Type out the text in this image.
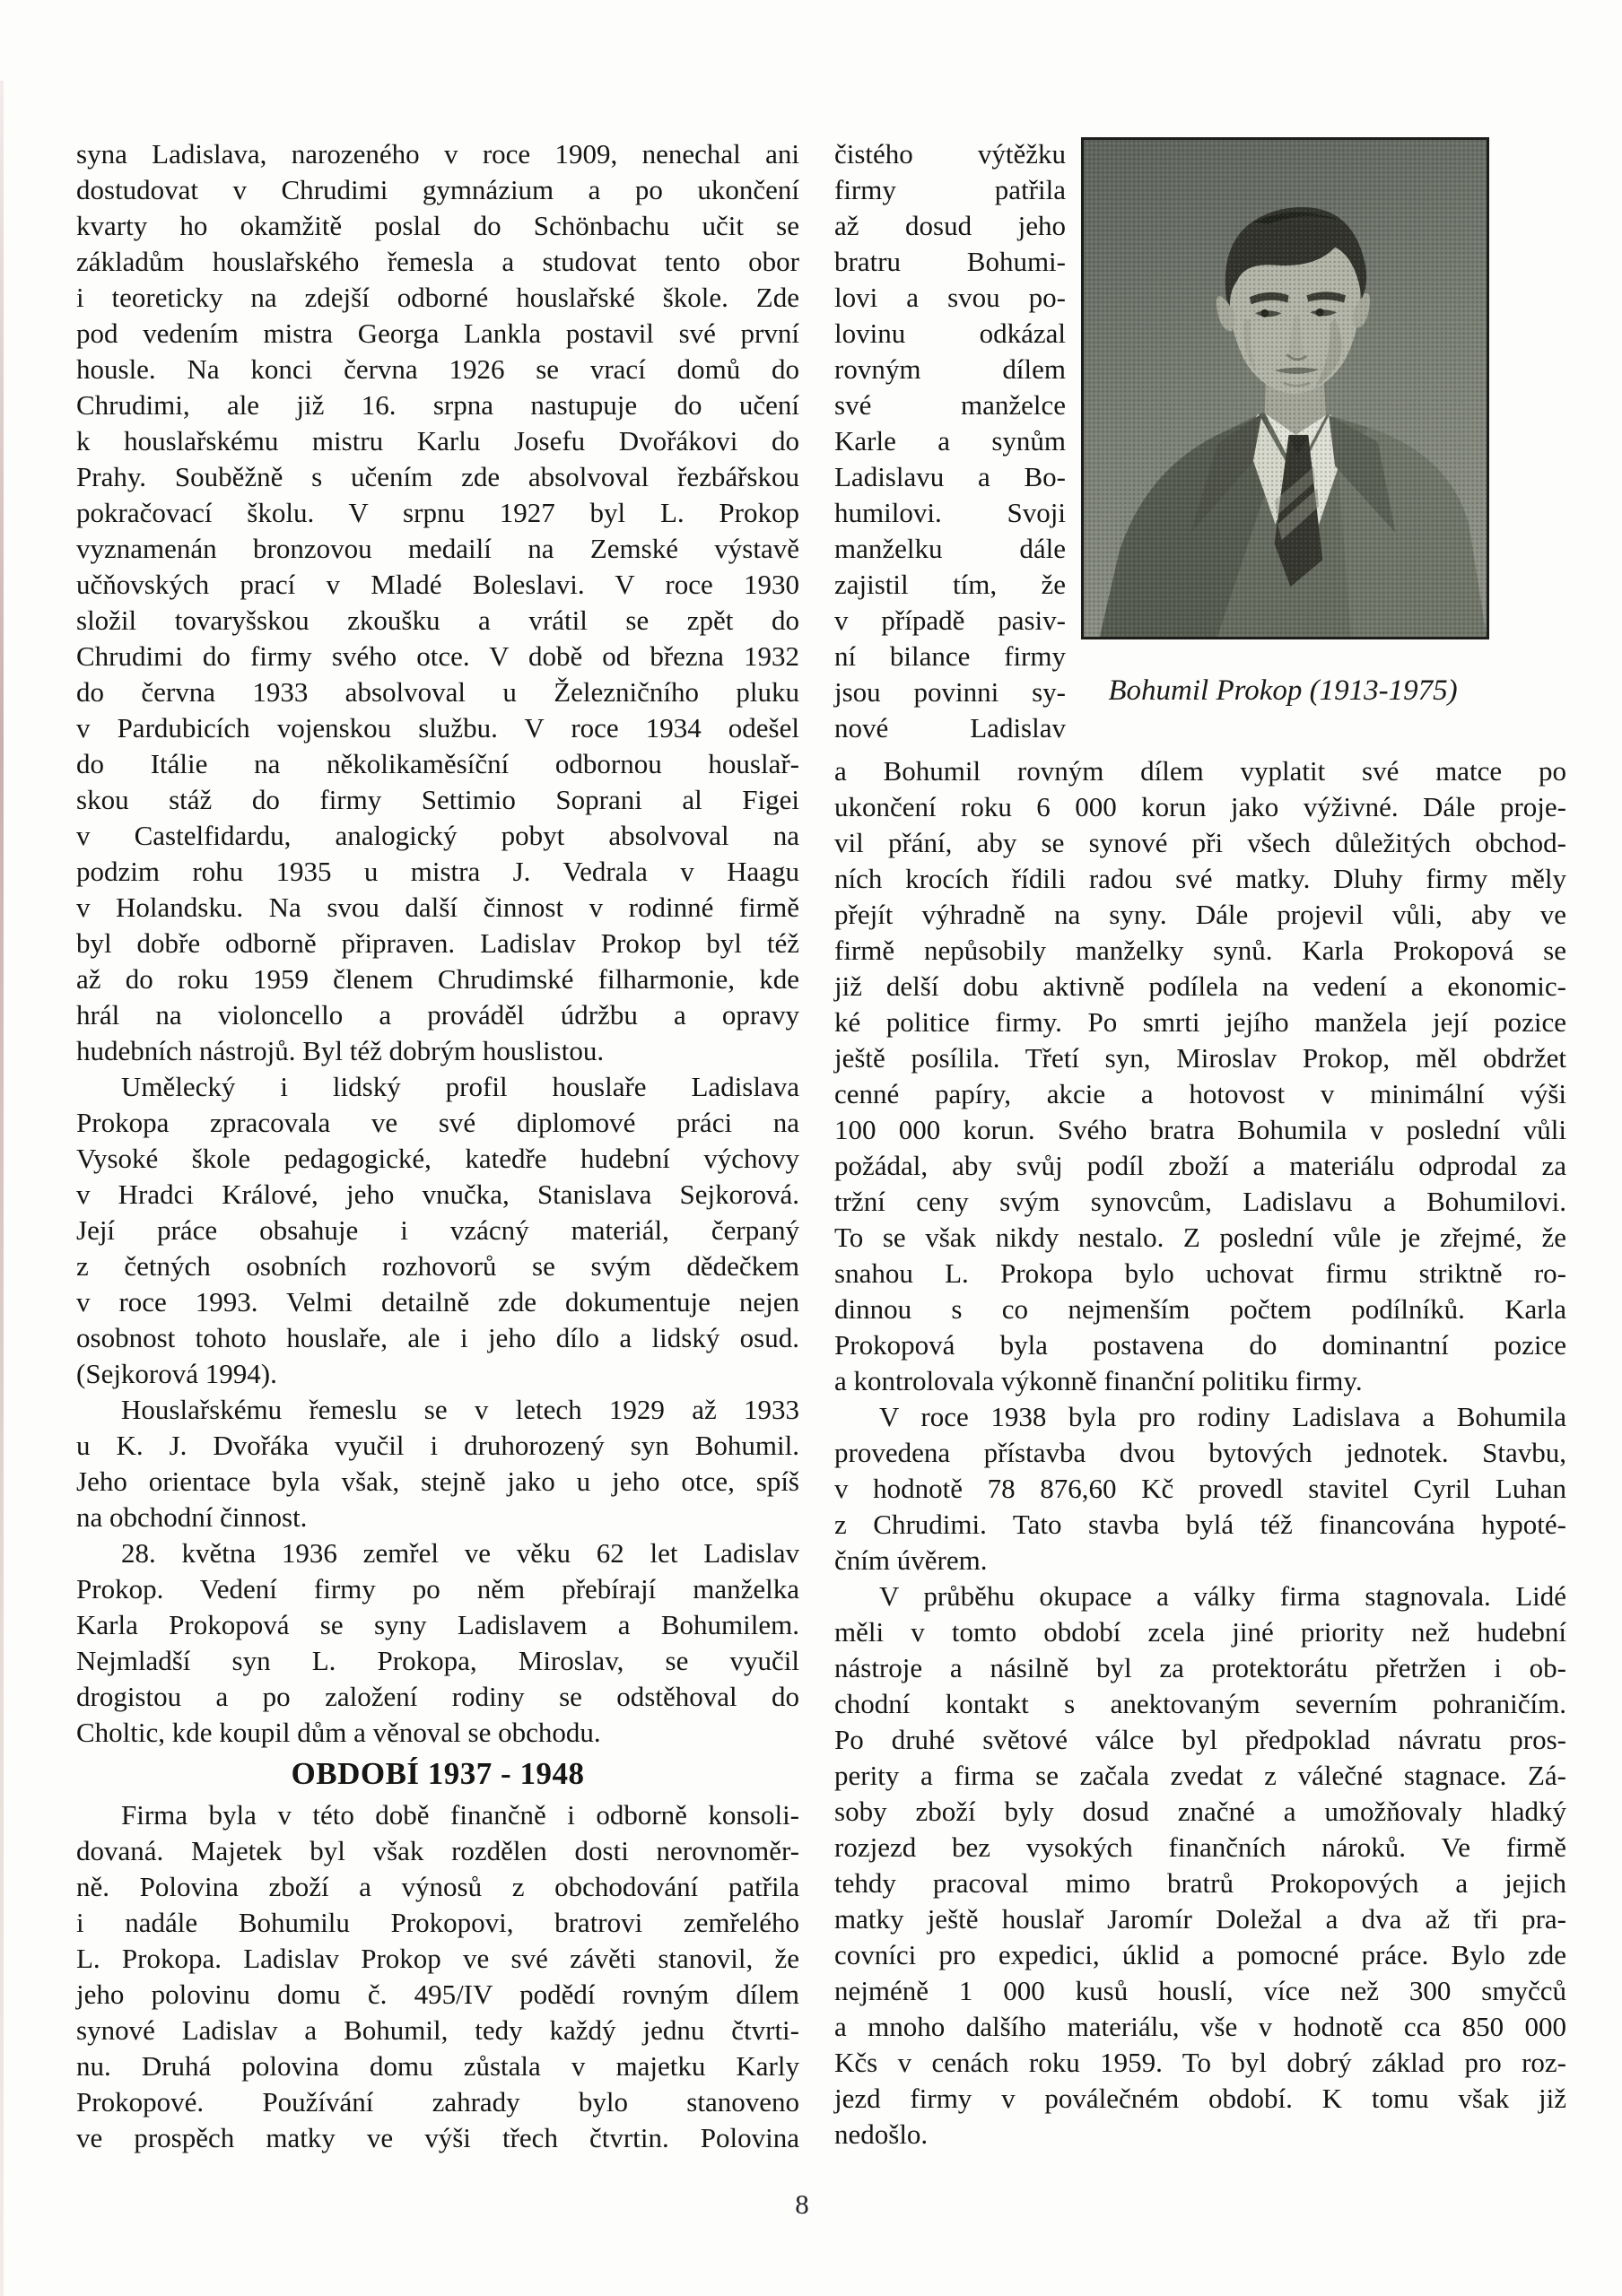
syna Ladislava, narozeného v roce 1909, nenechal ani
dostudovat v Chrudimi gymnázium a po ukončení
kvarty ho okamžitě poslal do Schönbachu učit se
základům houslařského řemesla a studovat tento obor
i teoreticky na zdejší odborné houslařské škole. Zde
pod vedením mistra Georga Lankla postavil své první
housle. Na konci června 1926 se vrací domů do
Chrudimi, ale již 16. srpna nastupuje do učení
k houslařskému mistru Karlu Josefu Dvořákovi do
Prahy. Souběžně s učením zde absolvoval řezbářskou
pokračovací školu. V srpnu 1927 byl L. Prokop
vyznamenán bronzovou medailí na Zemské výstavě
učňovských prací v Mladé Boleslavi. V roce 1930
složil tovaryšskou zkoušku a vrátil se zpět do
Chrudimi do firmy svého otce. V době od března 1932
do června 1933 absolvoval u Železničního pluku
v Pardubicích vojenskou službu. V roce 1934 odešel
do Itálie na několikaměsíční odbornou houslař-
skou stáž do firmy Settimio Soprani al Figei
v Castelfidardu, analogický pobyt absolvoval na
podzim rohu 1935 u mistra J. Vedrala v Haagu
v Holandsku. Na svou další činnost v rodinné firmě
byl dobře odborně připraven. Ladislav Prokop byl též
až do roku 1959 členem Chrudimské filharmonie, kde
hrál na violoncello a prováděl údržbu a opravy
hudebních nástrojů. Byl též dobrým houslistou.
Umělecký i lidský profil houslaře Ladislava
Prokopa zpracovala ve své diplomové práci na
Vysoké škole pedagogické, katedře hudební výchovy
v Hradci Králové, jeho vnučka, Stanislava Sejkorová.
Její práce obsahuje i vzácný materiál, čerpaný
z četných osobních rozhovorů se svým dědečkem
v roce 1993. Velmi detailně zde dokumentuje nejen
osobnost tohoto houslaře, ale i jeho dílo a lidský osud.
(Sejkorová 1994).
Houslařskému řemeslu se v letech 1929 až 1933
u K. J. Dvořáka vyučil i druhorozený syn Bohumil.
Jeho orientace byla však, stejně jako u jeho otce, spíš
na obchodní činnost.
28. května 1936 zemřel ve věku 62 let Ladislav
Prokop. Vedení firmy po něm přebírají manželka
Karla Prokopová se syny Ladislavem a Bohumilem.
Nejmladší syn L. Prokopa, Miroslav, se vyučil
drogistou a po založení rodiny se odstěhoval do
Choltic, kde koupil dům a věnoval se obchodu.
OBDOBÍ 1937 - 1948
Firma byla v této době finančně i odborně konsoli-
dovaná. Majetek byl však rozdělen dosti nerovnoměr-
ně. Polovina zboží a výnosů z obchodování patřila
i nadále Bohumilu Prokopovi, bratrovi zemřelého
L. Prokopa. Ladislav Prokop ve své závěti stanovil, že
jeho polovinu domu č. 495/IV podědí rovným dílem
synové Ladislav a Bohumil, tedy každý jednu čtvrti-
nu. Druhá polovina domu zůstala v majetku Karly
Prokopové. Používání zahrady bylo stanoveno
ve prospěch matky ve výši třech čtvrtin. Polovina
čistého výtěžku
firmy patřila
až dosud jeho
bratru Bohumi-
lovi a svou po-
lovinu odkázal
rovným dílem
své manželce
Karle a synům
Ladislavu a Bo-
humilovi. Svoji
manželku dále
zajistil tím, že
v případě pasiv-
ní bilance firmy
jsou povinni sy-
nové Ladislav
Bohumil Prokop (1913-1975)
a Bohumil rovným dílem vyplatit své matce po
ukončení roku 6 000 korun jako výživné. Dále proje-
vil přání, aby se synové při všech důležitých obchod-
ních krocích řídili radou své matky. Dluhy firmy měly
přejít výhradně na syny. Dále projevil vůli, aby ve
firmě nepůsobily manželky synů. Karla Prokopová se
již delší dobu aktivně podílela na vedení a ekonomic-
ké politice firmy. Po smrti jejího manžela její pozice
ještě posílila. Třetí syn, Miroslav Prokop, měl obdržet
cenné papíry, akcie a hotovost v minimální výši
100 000 korun. Svého bratra Bohumila v poslední vůli
požádal, aby svůj podíl zboží a materiálu odprodal za
tržní ceny svým synovcům, Ladislavu a Bohumilovi.
To se však nikdy nestalo. Z poslední vůle je zřejmé, že
snahou L. Prokopa bylo uchovat firmu striktně ro-
dinnou s co nejmenším počtem podílníků. Karla
Prokopová byla postavena do dominantní pozice
a kontrolovala výkonně finanční politiku firmy.
V roce 1938 byla pro rodiny Ladislava a Bohumila
provedena přístavba dvou bytových jednotek. Stavbu,
v hodnotě 78 876,60 Kč provedl stavitel Cyril Luhan
z Chrudimi. Tato stavba bylá též financována hypoté-
čním úvěrem.
V průběhu okupace a války firma stagnovala. Lidé
měli v tomto období zcela jiné priority než hudební
nástroje a násilně byl za protektorátu přetržen i ob-
chodní kontakt s anektovaným severním pohraničím.
Po druhé světové válce byl předpoklad návratu pros-
perity a firma se začala zvedat z válečné stagnace. Zá-
soby zboží byly dosud značné a umožňovaly hladký
rozjezd bez vysokých finančních nároků. Ve firmě
tehdy pracoval mimo bratrů Prokopových a jejich
matky ještě houslař Jaromír Doležal a dva až tři pra-
covníci pro expedici, úklid a pomocné práce. Bylo zde
nejméně 1 000 kusů houslí, více než 300 smyčců
a mnoho dalšího materiálu, vše v hodnotě cca 850 000
Kčs v cenách roku 1959. To byl dobrý základ pro roz-
jezd firmy v poválečném období. K tomu však již
nedošlo.
8
